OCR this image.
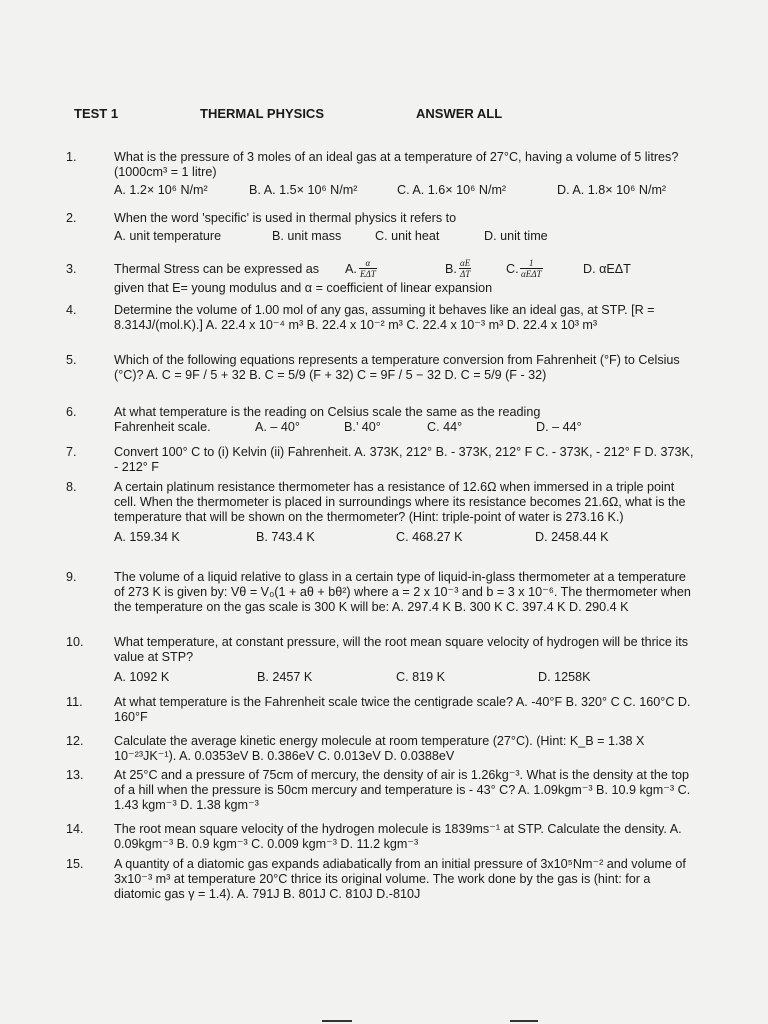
TEST 1	THERMAL PHYSICS	ANSWER ALL
1.	What is the pressure of 3 moles of an ideal gas at a temperature of 27°C, having a volume of 5 litres? (1000cm³ = 1 litre)
A. 1.2× 10⁶ N/m²	B. A. 1.5× 10⁶ N/m²	C. A. 1.6× 10⁶ N/m²	D. A. 1.8× 10⁶ N/m²
2.	When the word 'specific' is used in thermal physics it refers to
A. unit temperature	B. unit mass	C. unit heat	D. unit time
3.	Thermal Stress can be expressed as A. α
EΔT	B. $\frac{\alpha E}{\Delta T}$	C.	1
αEΔT	D. αEΔT
given that E= young modulus and α = coefficient of linear expansion
4.	Determine the volume of 1.00 mol of any gas, assuming it behaves like an ideal gas, at STP. [R = 8.314J/(mol.K).] A. 22.4 x 10⁻⁴ m³ B. 22.4 x 10⁻² m³ C. 22.4 x 10⁻³ m³ D. 22.4 x 10³ m³
5.	Which of the following equations represents a temperature conversion from Fahrenheit (°F) to Celsius (°C)? A. C = 9F / 5 + 32 B. C = 5/9 (F + 32) C = 9F / 5 − 32 D. C = 5/9 (F - 32)
6.	At what temperature is the reading on Celsius scale the same as the reading
Fahrenheit scale.	A. – 40°	B.’ 40°	C. 44°	D. – 44°
7.	Convert 100° C to (i) Kelvin (ii) Fahrenheit. A. 373K, 212° B. - 373K, 212° F C. - 373K, - 212° F D. 373K, - 212° F
8.	A certain platinum resistance thermometer has a resistance of 12.6Ω when immersed in a triple point cell. When the thermometer is placed in surroundings where its resistance becomes 21.6Ω, what is the temperature that will be shown on the thermometer? (Hint: triple-point of water is 273.16 K.)
A. 159.34 K	B. 743.4 K	C. 468.27 K	D. 2458.44 K
9.	The volume of a liquid relative to glass in a certain type of liquid-in-glass thermometer at a temperature of 273 K is given by: Vθ = V₀(1 + aθ + bθ²) where a = 2 x 10⁻³ and b = 3 x 10⁻⁶. The thermometer when the temperature on the gas scale is 300 K will be: A. 297.4 K B. 300 K C. 397.4 K D. 290.4 K
10. What temperature, at constant pressure, will the root mean square velocity of hydrogen will be thrice its value at STP?
A. 1092 K	B. 2457 K	C. 819 K	D. 1258K
11. At what temperature is the Fahrenheit scale twice the centigrade scale? A. -40°F B. 320° C C. 160°C D. 160°F
12. Calculate the average kinetic energy molecule at room temperature (27°C). (Hint: K_B = 1.38 X 10⁻²³JK⁻¹). A. 0.0353eV B. 0.386eV C. 0.013eV D. 0.0388eV
13. At 25°C and a pressure of 75cm of mercury, the density of air is 1.26kg⁻³. What is the density at the top of a hill when the pressure is 50cm mercury and temperature is - 43° C? A. 1.09kgm⁻³ B. 10.9 kgm⁻³ C. 1.43 kgm⁻³ D. 1.38 kgm⁻³
14. The root mean square velocity of the hydrogen molecule is 1839ms⁻¹ at STP. Calculate the density. A. 0.09kgm⁻³ B. 0.9 kgm⁻³ C. 0.009 kgm⁻³ D. 11.2 kgm⁻³
15. A quantity of a diatomic gas expands adiabatically from an initial pressure of 3x10⁵Nm⁻² and volume of 3x10⁻³ m³ at temperature 20°C thrice its original volume. The work done by the gas is (hint: for a diatomic gas γ = 1.4). A. 791J B. 801J C. 810J D.-810J
